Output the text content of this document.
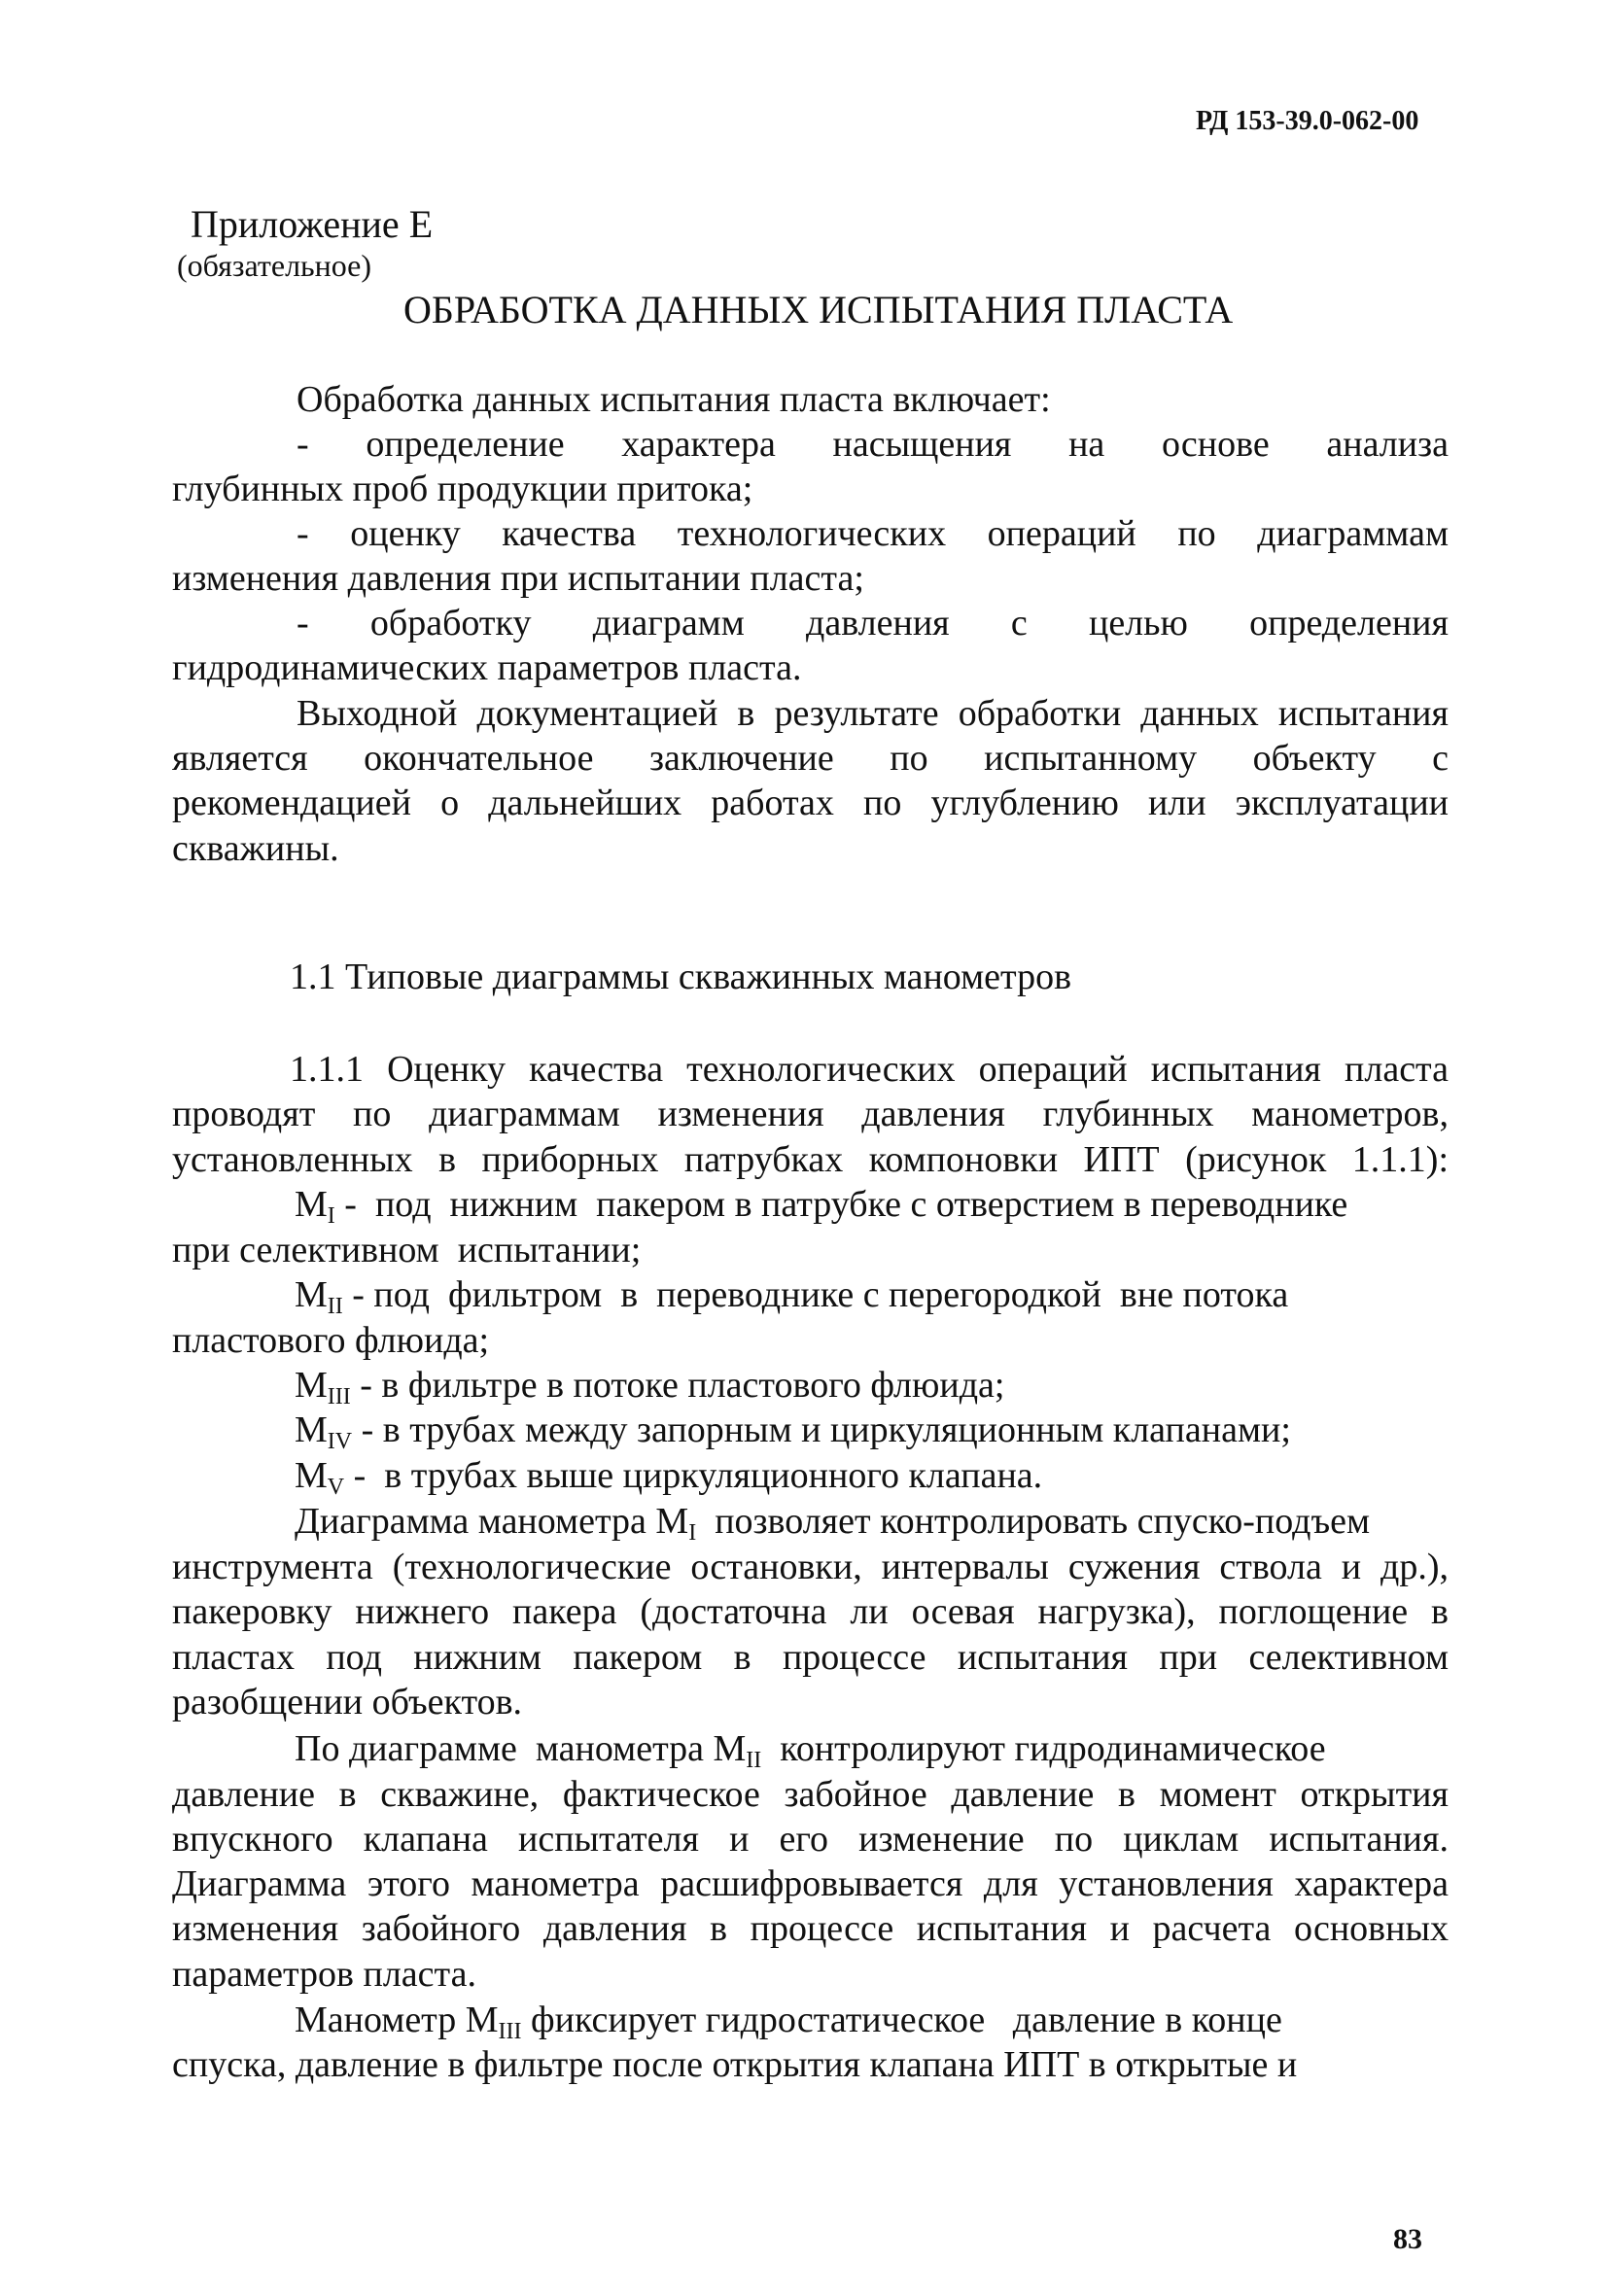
РД 153-39.0-062-00
Приложение Е
(обязательное)
ОБРАБОТКА ДАННЫХ ИСПЫТАНИЯ ПЛАСТА
Обработка данных испытания пласта включает:
- определение характера насыщения на основе анализа
глубинных проб продукции притока;
- оценку качества технологических операций по диаграммам
изменения давления при испытании пласта;
- обработку диаграмм давления с целью определения
гидродинамических параметров пласта.
Выходной документацией в результате обработки данных испытания
является окончательное заключение по испытанному объекту с
рекомендацией о дальнейших работах по углублению или эксплуатации
скважины.
1.1 Типовые диаграммы скважинных манометров
1.1.1 Оценку качества технологических операций испытания пласта
проводят по диаграммам изменения давления глубинных манометров,
установленных в приборных патрубках компоновки ИПТ (рисунок 1.1.1):
МI -  под  нижним  пакером в патрубке с отверстием в переводнике
при селективном  испытании;
МII - под  фильтром  в  переводнике с перегородкой  вне потока
пластового флюида;
МIII - в фильтре в потоке пластового флюида;
МIV - в трубах между запорным и циркуляционным клапанами;
МV -  в трубах выше циркуляционного клапана.
Диаграмма манометра МI  позволяет контролировать спуско-подъем
инструмента (технологические остановки, интервалы сужения ствола и др.),
пакеровку нижнего пакера (достаточна ли осевая нагрузка), поглощение в
пластах под нижним пакером в процессе испытания при селективном
разобщении объектов.
По диаграмме  манометра МII  контролируют гидродинамическое
давление в скважине, фактическое забойное давление в момент открытия
впускного клапана испытателя и его изменение по циклам испытания.
Диаграмма этого манометра расшифровывается для установления характера
изменения забойного давления в процессе испытания и расчета основных
параметров пласта.
Манометр МIII фиксирует гидростатическое   давление в конце
спуска, давление в фильтре после открытия клапана ИПТ в открытые и
83
